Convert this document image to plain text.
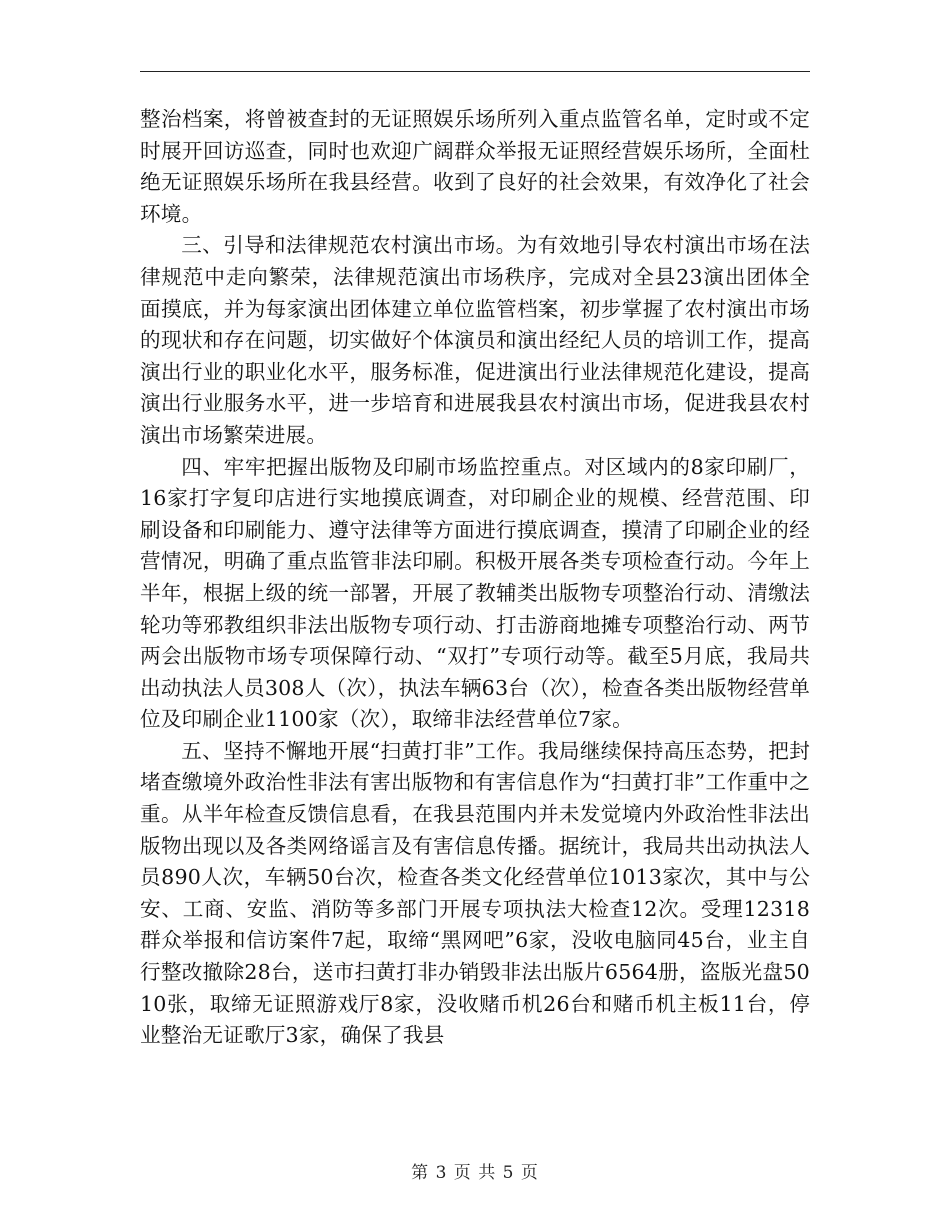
整治档案，将曾被查封的无证照娱乐场所列入重点监管名单，定时或不定时展开回访巡查，同时也欢迎广阔群众举报无证照经营娱乐场所，全面杜绝无证照娱乐场所在我县经营。收到了良好的社会效果，有效净化了社会环境。

三、引导和法律规范农村演出市场。为有效地引导农村演出市场在法律规范中走向繁荣，法律规范演出市场秩序，完成对全县23演出团体全面摸底，并为每家演出团体建立单位监管档案，初步掌握了农村演出市场的现状和存在问题，切实做好个体演员和演出经纪人员的培训工作，提高演出行业的职业化水平，服务标准，促进演出行业法律规范化建设，提高演出行业服务水平，进一步培育和进展我县农村演出市场，促进我县农村演出市场繁荣进展。

四、牢牢把握出版物及印刷市场监控重点。对区域内的8家印刷厂，16家打字复印店进行实地摸底调查，对印刷企业的规模、经营范围、印刷设备和印刷能力、遵守法律等方面进行摸底调查，摸清了印刷企业的经营情况，明确了重点监管非法印刷。积极开展各类专项检查行动。今年上半年，根据上级的统一部署，开展了教辅类出版物专项整治行动、清缴法轮功等邪教组织非法出版物专项行动、打击游商地摊专项整治行动、两节两会出版物市场专项保障行动、“双打”专项行动等。截至5月底，我局共出动执法人员308人（次），执法车辆63台（次），检查各类出版物经营单位及印刷企业1100家（次），取缔非法经营单位7家。

五、坚持不懈地开展“扫黄打非”工作。我局继续保持高压态势，把封堵查缴境外政治性非法有害出版物和有害信息作为“扫黄打非”工作重中之重。从半年检查反馈信息看，在我县范围内并未发觉境内外政治性非法出版物出现以及各类网络谣言及有害信息传播。据统计，我局共出动执法人员890人次，车辆50台次，检查各类文化经营单位1013家次，其中与公安、工商、安监、消防等多部门开展专项执法大检查12次。受理12318群众举报和信访案件7起，取缔“黑网吧”6家，没收电脑同45台，业主自行整改撤除28台，送市扫黄打非办销毁非法出版片6564册，盗版光盘5010张，取缔无证照游戏厅8家，没收赌币机26台和赌币机主板11台，停业整治无证歌厅3家，确保了我县

第 3 页 共 5 页
